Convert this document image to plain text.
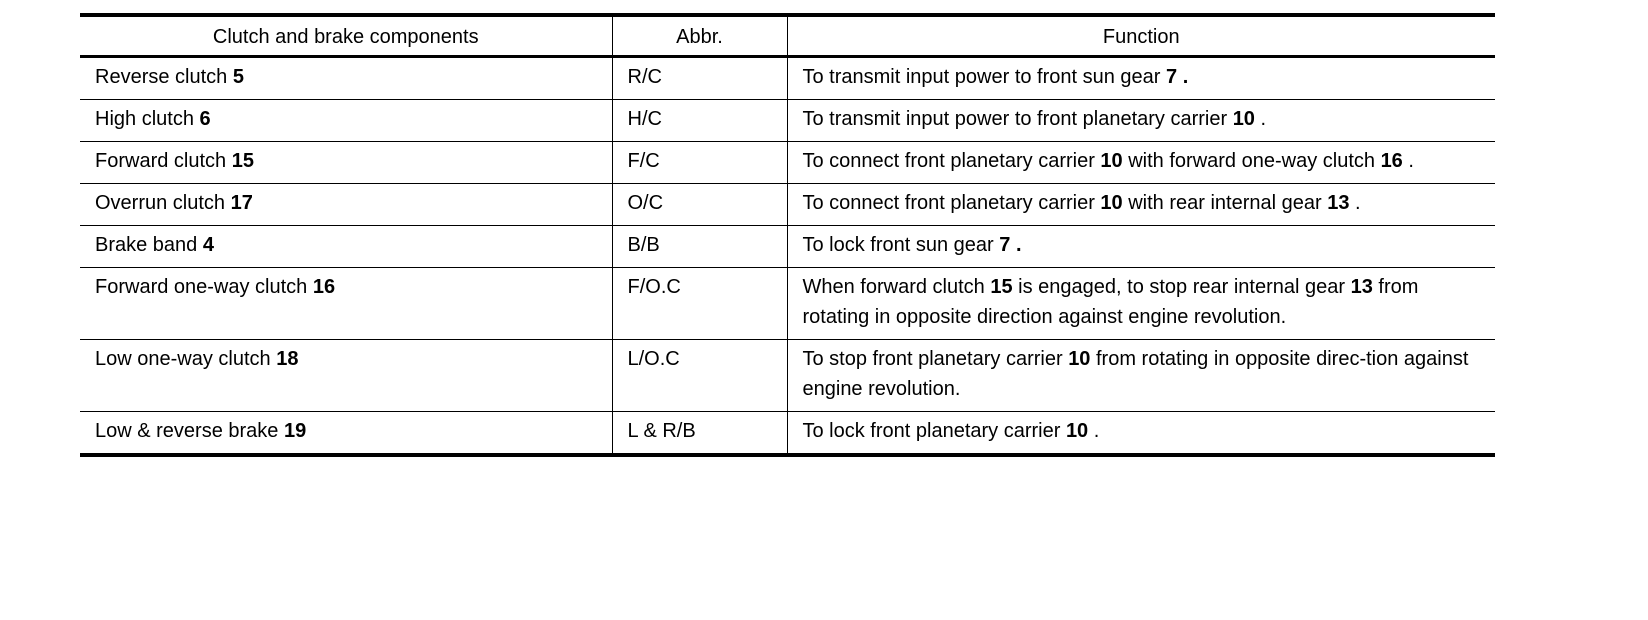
Clutch and brake components	Abbr.	Function
Reverse clutch 5	R/C	To transmit input power to front sun gear 7 .
High clutch 6	H/C	To transmit input power to front planetary carrier 10 .
Forward clutch 15	F/C	To connect front planetary carrier 10 with forward one-way clutch 16 .
Overrun clutch 17	O/C	To connect front planetary carrier 10 with rear internal gear 13 .
Brake band 4	B/B	To lock front sun gear 7 .
Forward one-way clutch 16	F/O.C	When forward clutch 15 is engaged, to stop rear internal gear 13 from rotating in opposite direction against engine revolution.
Low one-way clutch 18	L/O.C	To stop front planetary carrier 10 from rotating in opposite direc-tion against engine revolution.
Low & reverse brake 19	L & R/B	To lock front planetary carrier 10 .
